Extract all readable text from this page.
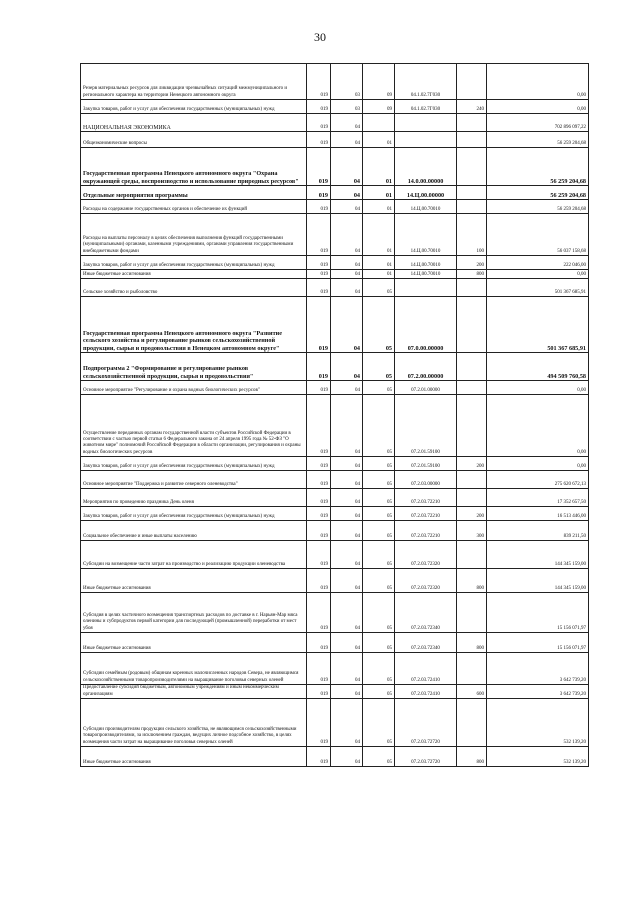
30
Резерв материальных ресурсов для ликвидации чрезвычайных ситуаций межмуниципального и регионального характера на территории Ненецкого автономного округа	019	03	09	04.1.02.7Г030		0,00
Закупка товаров, работ и услуг для обеспечения государственных (муниципальных) нужд	019	03	09	04.1.02.7Г030	240	0,00
НАЦИОНАЛЬНАЯ ЭКОНОМИКА	019	04				702 896 097,22
Общеэкономические вопросы	019	04	01			56 259 204,68
Государственная программа Ненецкого автономного округа "Охрана окружающей среды, воспроизводство и использование природных ресурсов"	019	04	01	14.0.00.00000		56 259 204,68
Отдельные мероприятия программы	019	04	01	14.Ц.00.00000		56 259 204,68
Расходы на содержание государственных органов и обеспечение их функций	019	04	01	14.Ц.00.70010		56 259 204,68
Расходы на выплаты персоналу в целях обеспечения выполнения функций государственными (муниципальными) органами, казенными учреждениями, органами управления государственными внебюджетными фондами	019	04	01	14.Ц.00.70010	100	56 037 158,68
Закупка товаров, работ и услуг для обеспечения государственных (муниципальных) нужд	019	04	01	14.Ц.00.70010	200	222 046,00
Иные бюджетные ассигнования	019	04	01	14.Ц.00.70010	800	0,00
Сельское хозяйство и рыболовство	019	04	05			501 367 685,91
Государственная программа Ненецкого автономного округа "Развитие сельского хозяйства и регулирование рынков сельскохозяйственной продукции, сырья и продовольствия в Ненецком автономном округе"	019	04	05	07.0.00.00000		501 367 685,91
Подпрограмма 2 "Формирование и регулирование рынков сельскохозяйственной продукции, сырья и продовольствия"	019	04	05	07.2.00.00000		494 509 760,58
Основное мероприятие "Регулирование и охрана водных биологических ресурсов"	019	04	05	07.2.01.00000		0,00
Осуществление переданных органам государственной власти субъектов Российской Федерации в соответствии с частью первой статьи 6 Федерального закона от 24 апреля 1995 года № 52-ФЗ "О животном мире" полномочий Российской Федерации в области организации, регулирования и охраны водных биологических ресурсов	019	04	05	07.2.01.59100		0,00
Закупка товаров, работ и услуг для обеспечения государственных (муниципальных) нужд	019	04	05	07.2.01.59100	200	0,00
Основное мероприятие "Поддержка и развитие северного оленеводства"	019	04	05	07.2.03.00000		275 620 672,13
Мероприятия по проведению праздника День оленя	019	04	05	07.2.03.72210		17 352 657,50
Закупка товаров, работ и услуг для обеспечения государственных (муниципальных) нужд	019	04	05	07.2.03.72210	200	16 513 446,00
Социальное обеспечение и иные выплаты населению	019	04	05	07.2.03.72210	300	839 211,50
Субсидии на возмещение части затрат на производство и реализацию продукции оленеводства	019	04	05	07.2.03.72320		144 345 159,00
Иные бюджетные ассигнования	019	04	05	07.2.03.72320	800	144 345 159,00
Субсидия в целях частичного возмещения транспортных расходов по доставке в г. Нарьян-Мар мяса оленины и субпродуктов первой категории для последующей (промышленной) переработки от мест убоя	019	04	05	07.2.03.72340		15 156 071,97
Иные бюджетные ассигнования	019	04	05	07.2.03.72340	800	15 156 071,97
Субсидии семейным (родовым) общинам коренных малочисленных народов Севера, не являющимся сельскохозяйственными товаропроизводителями на выращивание поголовья северных оленей	019	04	05	07.2.03.72410		3 642 739,20
Предоставление субсидий бюджетным, автономным учреждениям и иным некоммерческим организациям	019	04	05	07.2.03.72410	600	3 642 739,20
Субсидии производителям продукции сельского хозяйства, не являющимся сельскохозяйственными товаропроизводителями, за исключением граждан, ведущих личное подсобное хозяйство, в целях возмещения части затрат на выращивание поголовья северных оленей	019	04	05	07.2.03.72720		532 139,20
Иные бюджетные ассигнования	019	04	05	07.2.03.72720	800	532 139,20
